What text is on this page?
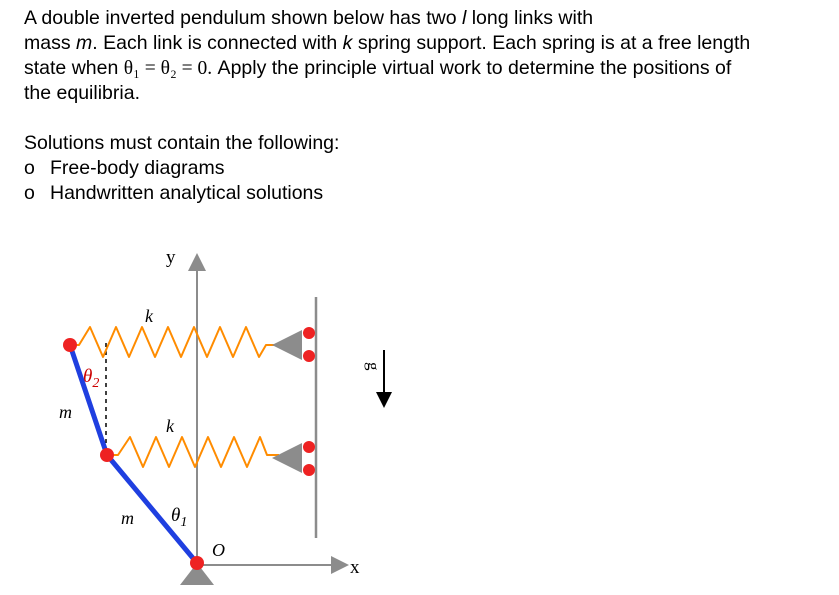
A double inverted pendulum shown below has two l long links with

mass m. Each link is connected with k spring support. Each spring is at a free length

state when θ₁ = θ₂ = 0. Apply the principle virtual work to determine the positions of

the equilibria.

Solutions must contain the following:

o Free-body diagrams
o Handwritten analytical solutions
y
x
O
k
k
$\theta_2$
$\theta_1$
m
m
g
